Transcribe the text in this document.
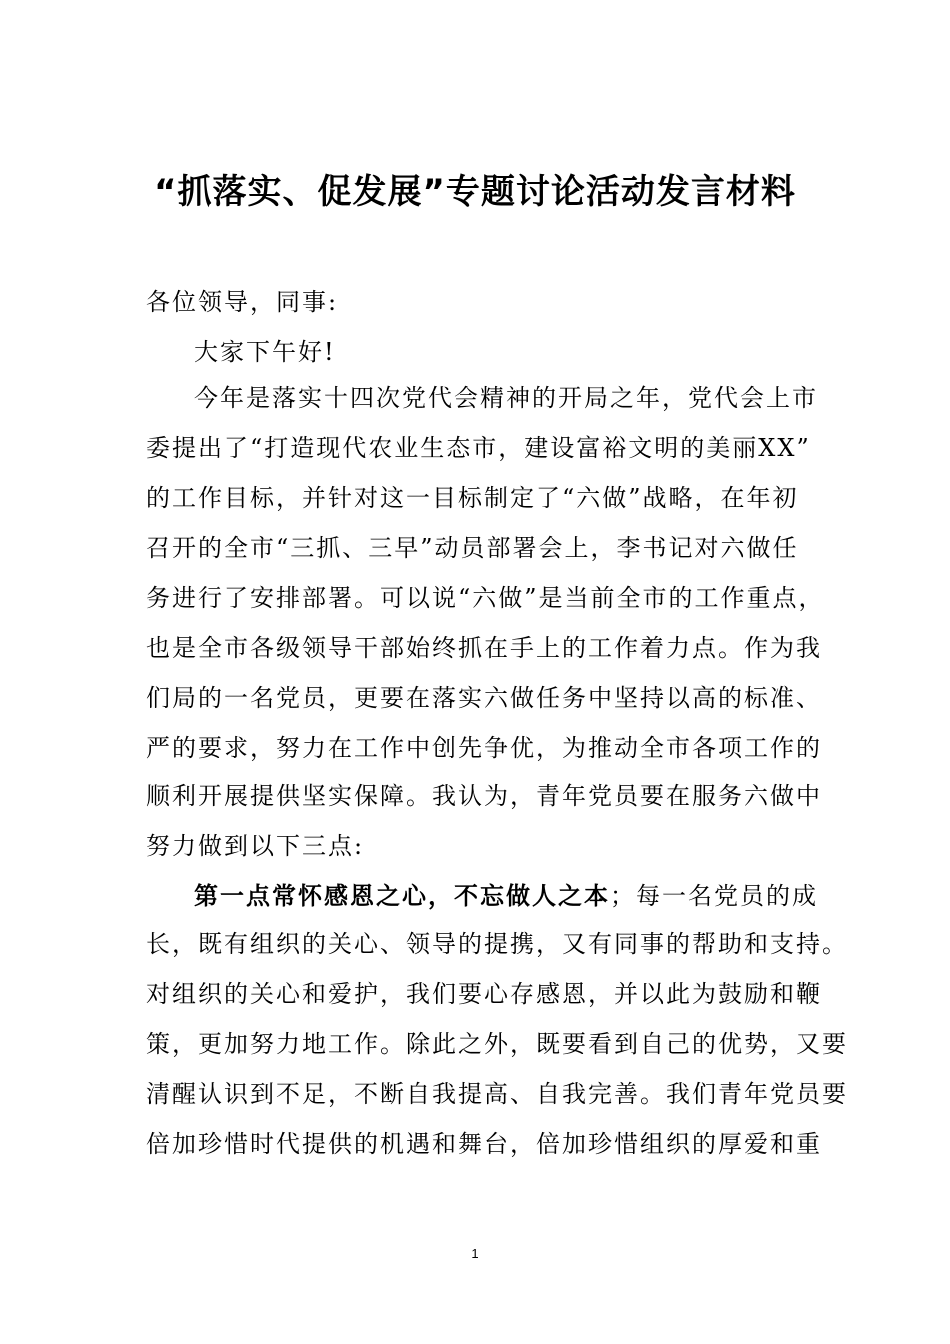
“抓落实、促发展”专题讨论活动发言材料

各位领导，同事:

大家下午好!

今年是落实十四次党代会精神的开局之年，党代会上市

委提出了“打造现代农业生态市，建设富裕文明的美丽XX”

的工作目标，并针对这一目标制定了“六做”战略，在年初

召开的全市“三抓、三早”动员部署会上，李书记对六做任

务进行了安排部署。可以说“六做”是当前全市的工作重点，

也是全市各级领导干部始终抓在手上的工作着力点。作为我

们局的一名党员，更要在落实六做任务中坚持以高的标准、

严的要求，努力在工作中创先争优，为推动全市各项工作的

顺利开展提供坚实保障。我认为，青年党员要在服务六做中

努力做到以下三点:

第一点常怀感恩之心，不忘做人之本；每一名党员的成

长，既有组织的关心、领导的提携，又有同事的帮助和支持。

对组织的关心和爱护，我们要心存感恩，并以此为鼓励和鞭

策，更加努力地工作。除此之外，既要看到自己的优势，又要

清醒认识到不足，不断自我提高、自我完善。我们青年党员要

倍加珍惜时代提供的机遇和舞台，倍加珍惜组织的厚爱和重

1
